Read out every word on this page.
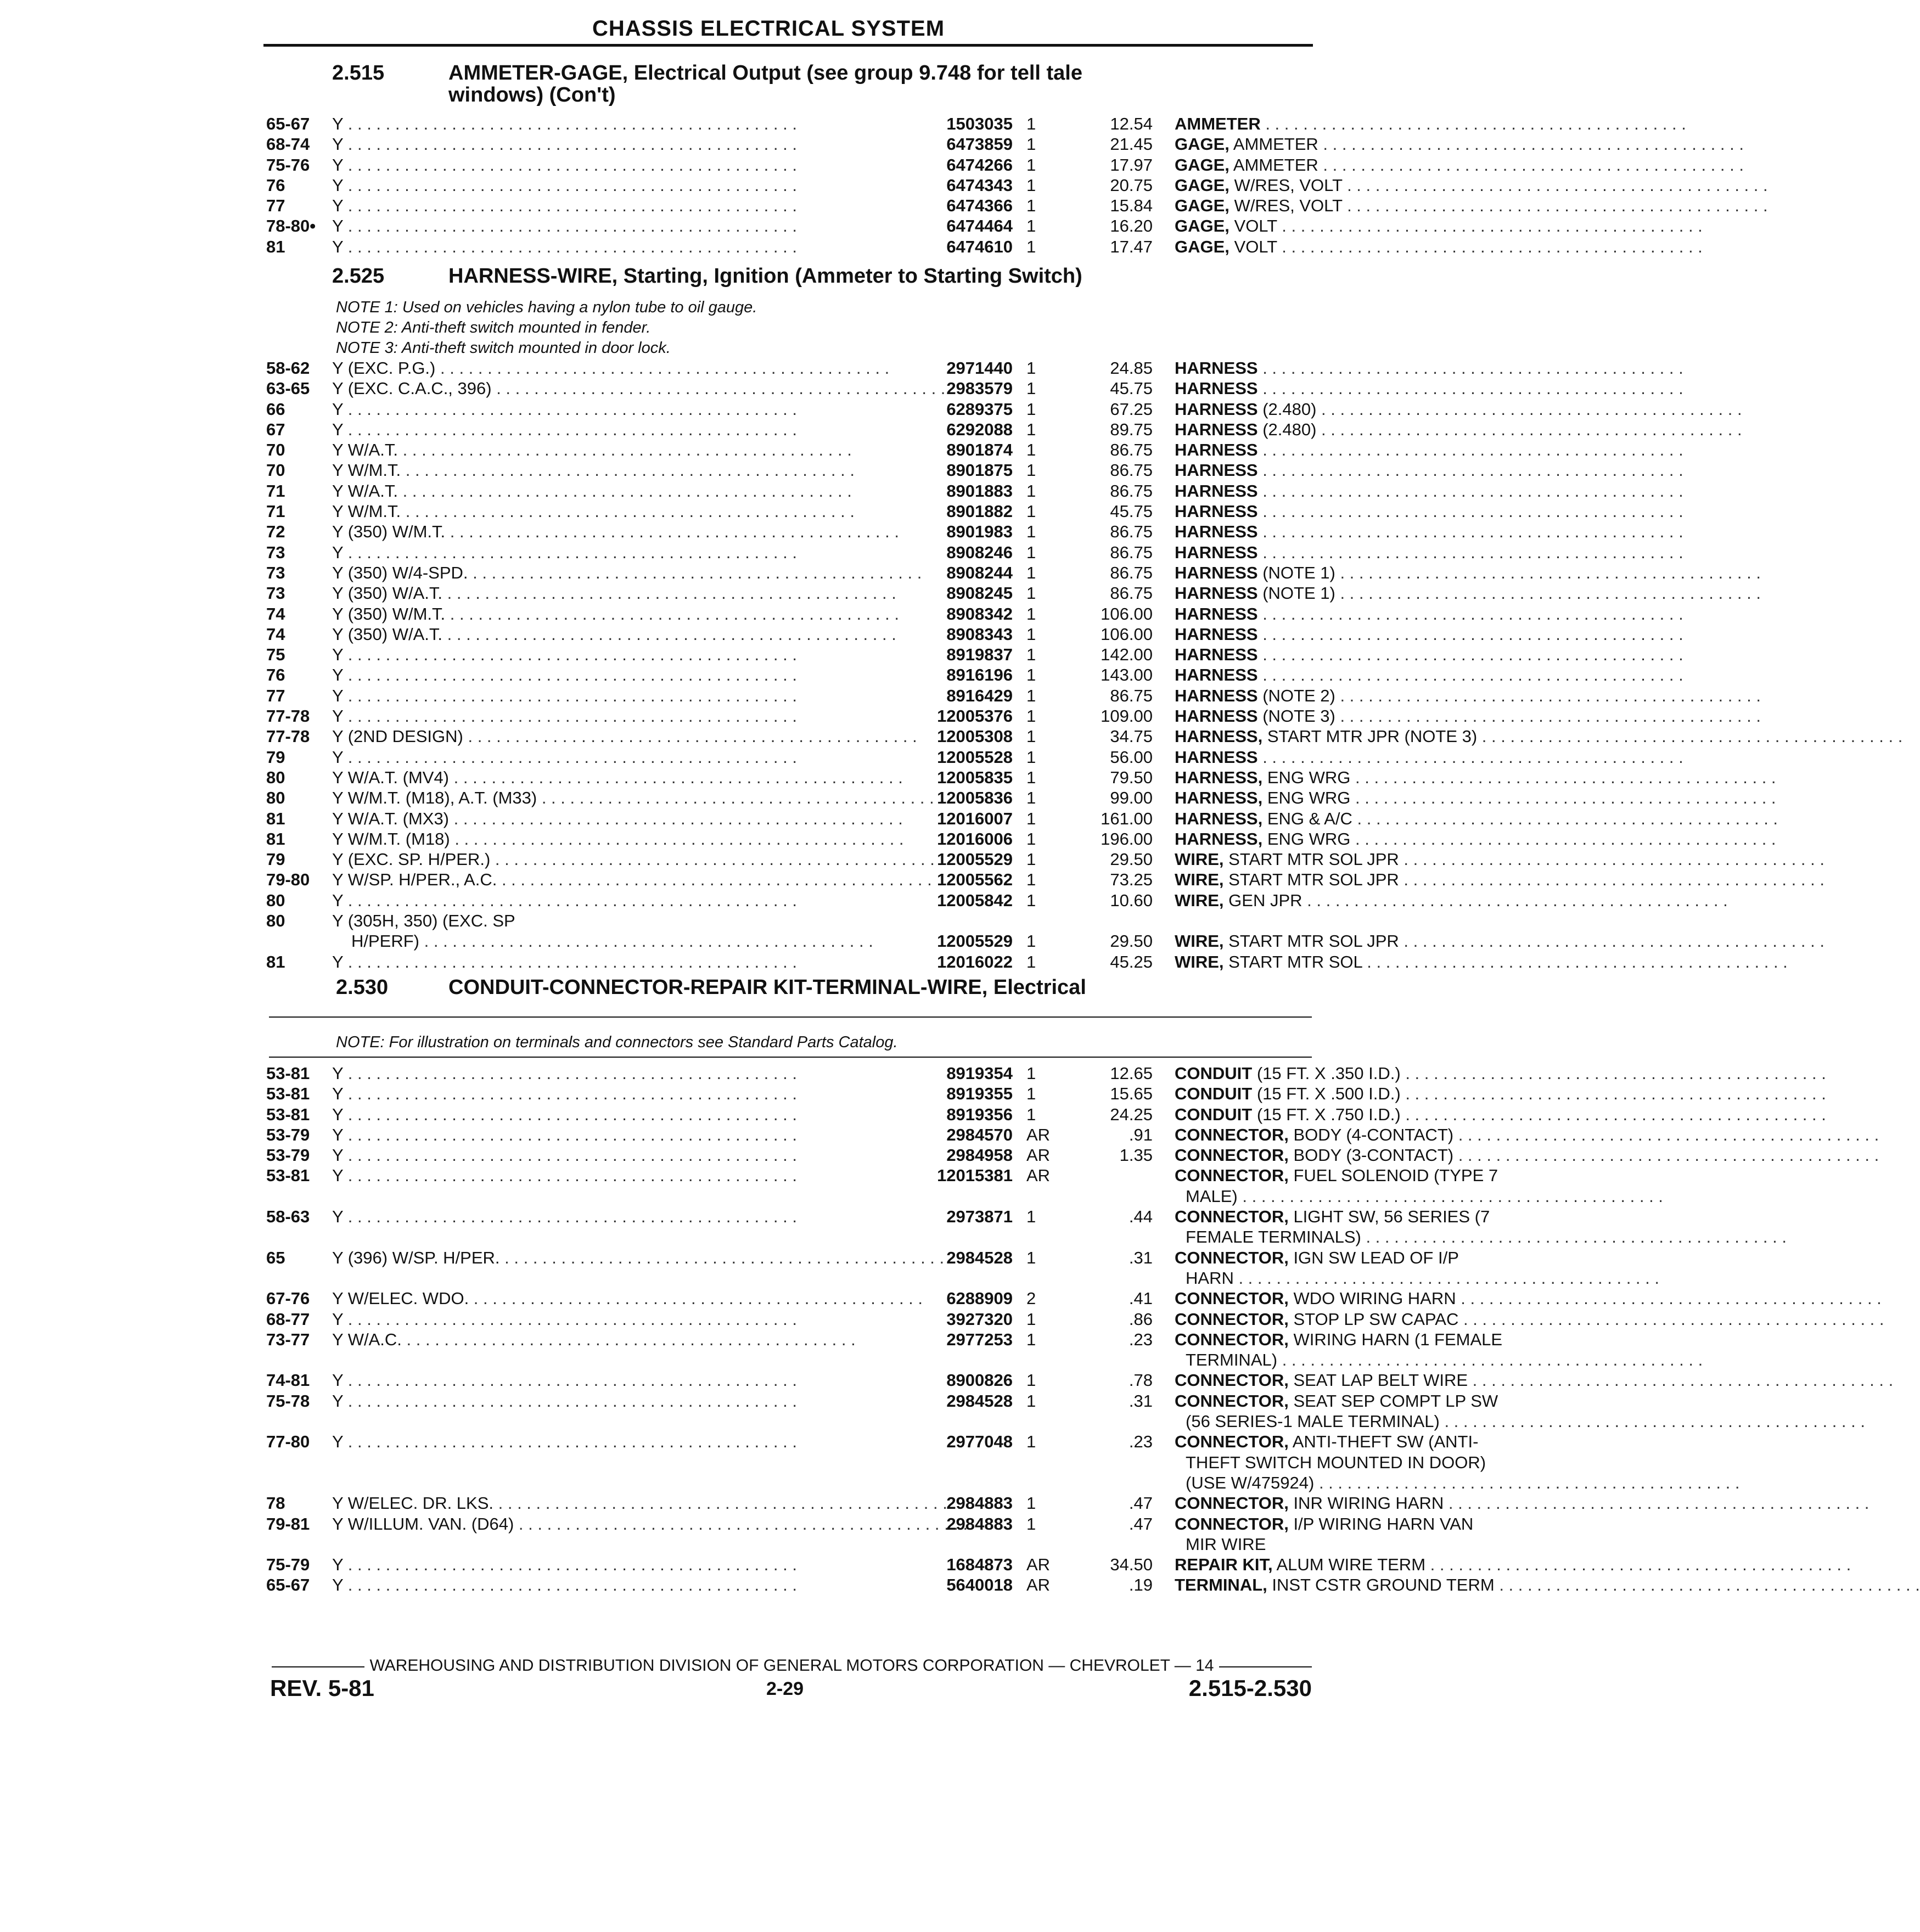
CHASSIS ELECTRICAL SYSTEM
2.515	AMMETER-GAGE, Electrical Output (see group 9.748 for tell tale
windows) (Con't)
65-67 Y . . .	1503035 1	12.54 AMMETER . . .
68-74 Y . . .	6473859 1	21.45 GAGE, AMMETER . . .
75-76 Y . . .	6474266 1	17.97 GAGE, AMMETER . . .
76	Y . . .	6474343 1	20.75 GAGE, W/RES, VOLT . . .
77	Y . . .	6474366 1	15.84 GAGE, W/RES, VOLT . . .
78-80• Y . . .	6474464 1	16.20 GAGE, VOLT . . .
81	Y . . .	6474610 1	17.47 GAGE, VOLT . . .
2.525	HARNESS-WIRE, Starting, Ignition (Ammeter to Starting Switch)
NOTE 1: Used on vehicles having a nylon tube to oil gauge.
NOTE 2: Anti-theft switch mounted in fender.
NOTE 3: Anti-theft switch mounted in door lock.
58-62 Y (EXC. P.G.) . . .	2971440 1	24.85 HARNESS . . .
63-65 Y (EXC. C.A.C., 396) . . .	2983579 1	45.75 HARNESS . . .
66	Y . . .	6289375 1	67.25 HARNESS (2.480) . . .
67	Y . . .	6292088 1	89.75 HARNESS (2.480) . . .
70	Y W/A.T. . . .	8901874 1	86.75 HARNESS . . .
70	Y W/M.T. . . .	8901875 1	86.75 HARNESS . . .
71	Y W/A.T. . . .	8901883 1	86.75 HARNESS . . .
71	Y W/M.T. . . .	8901882 1	45.75 HARNESS . . .
72	Y (350) W/M.T. . . .	8901983 1	86.75 HARNESS . . .
73	Y . . .	8908246 1	86.75 HARNESS . . .
73	Y (350) W/4-SPD. . . .	8908244 1	86.75 HARNESS (NOTE 1) . . .
73	Y (350) W/A.T. . . .	8908245 1	86.75 HARNESS (NOTE 1) . . .
74	Y (350) W/M.T. . . .	8908342 1	106.00 HARNESS . . .
74	Y (350) W/A.T. . . .	8908343 1	106.00 HARNESS . . .
75	Y . . .	8919837 1	142.00 HARNESS . . .
76	Y . . .	8916196 1	143.00 HARNESS . . .
77	Y . . .	8916429 1	86.75 HARNESS (NOTE 2) . . .
77-78 Y . . .	12005376 1	109.00 HARNESS (NOTE 3) . . .
77-78 Y (2ND DESIGN) . . .	12005308 1	34.75 HARNESS, START MTR JPR (NOTE 3) . . .
79	Y . . .	12005528 1	56.00 HARNESS . . .
80	Y W/A.T. (MV4) . . .	12005835 1	79.50 HARNESS, ENG WRG . . .
80	Y W/M.T. (M18), A.T. (M33) . . .	12005836 1	99.00 HARNESS, ENG WRG . . .
81	Y W/A.T. (MX3) . . .	12016007 1	161.00 HARNESS, ENG & A/C . . .
81	Y W/M.T. (M18) . . .	12016006 1	196.00 HARNESS, ENG WRG . . .
79	Y (EXC. SP. H/PER.) . . .	12005529 1	29.50 WIRE, START MTR SOL JPR . . .
79-80 Y W/SP. H/PER., A.C. . . .	12005562 1	73.25 WIRE, START MTR SOL JPR . . .
80	Y . . .	12005842 1	10.60 WIRE, GEN JPR . . .
80	Y (305H, 350) (EXC. SP
H/PERF) . . .	12005529 1	29.50 WIRE, START MTR SOL JPR . . .
81	Y . . .	12016022 1	45.25 WIRE, START MTR SOL . . .
2.530	CONDUIT-CONNECTOR-REPAIR KIT-TERMINAL-WIRE, Electrical
NOTE: For illustration on terminals and connectors see Standard Parts Catalog.
53-81 Y . . .	8919354 1	12.65 CONDUIT (15 FT. X .350 I.D.) . . .
53-81 Y . . .	8919355 1	15.65 CONDUIT (15 FT. X .500 I.D.) . . .
53-81 Y . . .	8919356 1	24.25 CONDUIT (15 FT. X .750 I.D.) . . .
53-79 Y . . .	2984570 AR	.91 CONNECTOR, BODY (4-CONTACT) . . .
53-79 Y . . .	2984958 AR	1.35 CONNECTOR, BODY (3-CONTACT) . . .
53-81 Y . . .	12015381 AR	CONNECTOR, FUEL SOLENOID (TYPE 7
MALE) . . .
58-63 Y . . .	2973871 1	.44 CONNECTOR, LIGHT SW, 56 SERIES (7
FEMALE TERMINALS) . . .
65	Y (396) W/SP. H/PER. . . .	2984528 1	.31 CONNECTOR, IGN SW LEAD OF I/P
HARN . . .
67-76 Y W/ELEC. WDO. . . .	6288909 2	.41 CONNECTOR, WDO WIRING HARN . . .
68-77 Y . . .	3927320 1	.86 CONNECTOR, STOP LP SW CAPAC . . .
73-77 Y W/A.C. . . .	2977253 1	.23 CONNECTOR, WIRING HARN (1 FEMALE
TERMINAL) . . .
74-81 Y . . .	8900826 1	.78 CONNECTOR, SEAT LAP BELT WIRE . . .
75-78 Y . . .	2984528 1	.31 CONNECTOR, SEAT SEP COMPT LP SW
(56 SERIES-1 MALE TERMINAL) . . .
77-80 Y . . .	2977048 1	.23 CONNECTOR, ANTI-THEFT SW (ANTI-
THEFT SWITCH MOUNTED IN DOOR)
(USE W/475924) . . .
78	Y W/ELEC. DR. LKS. . . .	2984883 1	.47 CONNECTOR, INR WIRING HARN . . .
79-81 Y W/ILLUM. VAN. (D64) . . .	2984883 1	.47 CONNECTOR, I/P WIRING HARN VAN
MIR WIRE
75-79 Y . . .	1684873 AR	34.50 REPAIR KIT, ALUM WIRE TERM . . .
65-67 Y . . .	5640018 AR	.19 TERMINAL, INST CSTR GROUND TERM . . .
WAREHOUSING AND DISTRIBUTION DIVISION OF GENERAL MOTORS CORPORATION — CHEVROLET — 14
REV. 5-81	2-29	2.515-2.530
